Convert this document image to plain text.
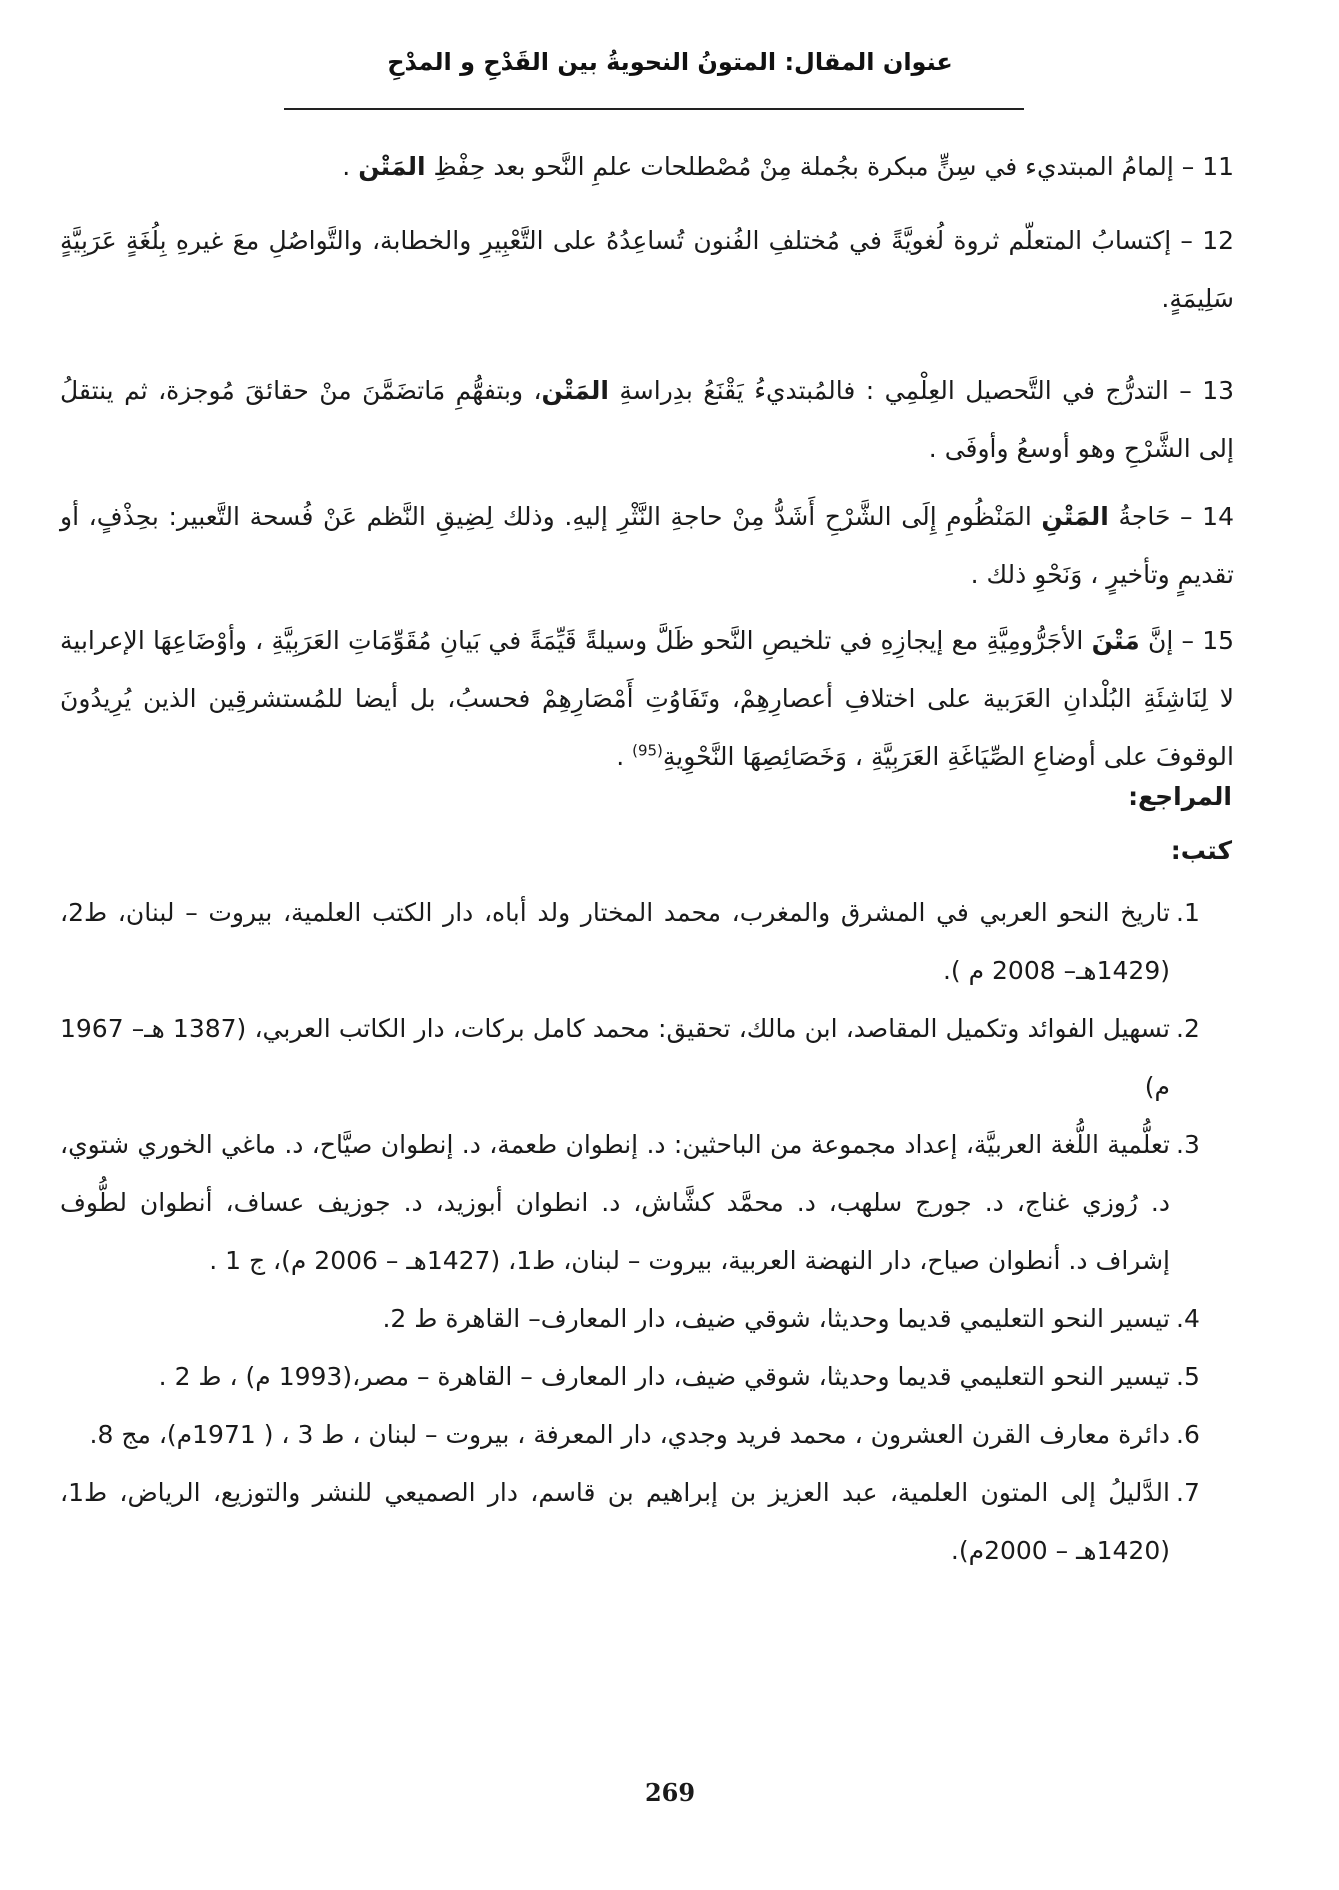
عنوان المقال: المتونُ النحويةُ بين القَدْحِ و المدْحِ

11 – إلمامُ المبتديء في سِنٍّ مبكرة بجُملة مِنْ مُصْطلحات علمِ النَّحو بعد حِفْظِ المَتْن .

12 – إكتسابُ المتعلّم ثروة لُغويَّةً في مُختلفِ الفُنون تُساعِدُهُ على التَّعْبِيرِ والخطابة، والتَّواصُلِ معَ غيرهِ بِلُغَةٍ عَرَبِيَّةٍ سَلِيمَةٍ.

13 – التدرُّج في التَّحصيل العِلْمِي : فالمُبتديءُ يَقْنَعُ بدِراسةِ المَتْن، وبتفهُّمِ مَاتضَمَّنَ منْ حقائقَ مُوجزة، ثم ينتقلُ إلى الشَّرْحِ وهو أوسعُ وأوفَى .

14 – حَاجةُ المَتْنِ المَنْظُومِ إِلَى الشَّرْحِ أَشَدُّ مِنْ حاجةِ النَّثْرِ إليهِ. وذلك لِضِيقِ النَّظم عَنْ فُسحة التَّعبير: بحِذْفٍ، أو تقديمٍ وتأخيرٍ ، وَنَحْوِ ذلك .

15 – إنَّ مَتْنَ الأجَرُّومِيَّةِ مع إيجازِهِ في تلخيصِ النَّحو ظَلَّ وسيلةً قَيِّمَةً في بَيانِ مُقَوِّمَاتِ العَرَبِيَّةِ ، وأوْضَاعِهَا الإعرابية لا لِنَاشِئَةِ البُلْدانِ العَرَبية على اختلافِ أعصارِهِمْ، وتَفَاوُتِ أَمْصَارِهِمْ فحسبُ، بل أيضا للمُستشرقِين الذين يُرِيدُونَ الوقوفَ على أوضاعِ الصِّيَاغَةِ العَرَبِيَّةِ ، وَخَصَائِصِهَا النَّحْوِيةِ$^{(95)}$ .

المراجع:
كتب:
1.
تاريخ النحو العربي في المشرق والمغرب، محمد المختار ولد أباه، دار الكتب العلمية، بيروت – لبنان، ط2، (1429هـ– 2008 م ).
2.
تسهيل الفوائد وتكميل المقاصد، ابن مالك، تحقيق: محمد كامل بركات، دار الكاتب العربي، (1387 هـ– 1967 م)
3.
تعلُّمية اللُّغة العربيَّة، إعداد مجموعة من الباحثين: د. إنطوان طعمة، د. إنطوان صيَّاح، د. ماغي الخوري شتوي، د. رُوزي غناج، د. جورج سلهب، د. محمَّد كشَّاش، د. انطوان أبوزيد، د. جوزيف عساف، أنطوان لطُّوف إشراف د. أنطوان صياح، دار النهضة العربية، بيروت – لبنان، ط1، (1427هـ – 2006 م)، ج 1 .
4.
تيسير النحو التعليمي قديما وحديثا، شوقي ضيف، دار المعارف– القاهرة ط 2.
5.
تيسير النحو التعليمي قديما وحديثا، شوقي ضيف، دار المعارف – القاهرة – مصر،(1993 م) ، ط 2 .
6.
دائرة معارف القرن العشرون ، محمد فريد وجدي، دار المعرفة ، بيروت – لبنان ، ط 3 ، ( 1971م)، مج 8.
7.
الدَّليلُ إلى المتون العلمية، عبد العزيز بن إبراهيم بن قاسم، دار الصميعي للنشر والتوزيع، الرياض، ط1، (1420هـ – 2000م).
269
